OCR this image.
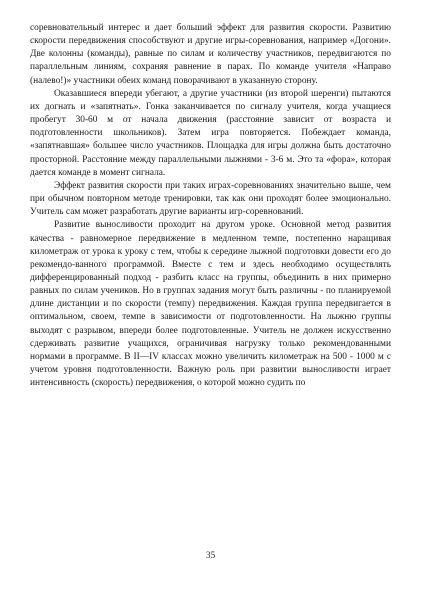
соревновательный интерес и дает больший эффект для развития скорости. Развитию скорости передвижения способствуют и другие игры-соревнования, например «Догони». Две колонны (команды), равные по силам и количеству участников, передвигаются по параллельным линиям, сохраняя равнение в парах. По команде учителя «Направо (налево!)» участники обеих команд поворачивают в указанную сторону.

Оказавшиеся впереди убегают, а другие участники (из второй шеренги) пытаются их догнать и «запятнать». Гонка заканчивается по сигналу учителя, когда учащиеся пробегут 30-60 м от начала движения (расстояние зависит от возраста и подготовленности школьников). Затем игра повторяется. Побеждает команда, «запятнавшая» большее число участников. Площадка для игры должна быть достаточно просторной. Расстояние между параллельными лыжнями - 3-6 м. Это та «фора», которая дается команде в момент сигнала.

Эффект развития скорости при таких играх-соревнованиях значительно выше, чем при обычном повторном методе тренировки, так как они проходят более эмоционально. Учитель сам может разработать другие варианты игр-соревнований.

Развитие выносливости проходит на другом уроке. Основной метод развития качества - равномерное передвижение в медленном темпе, постепенно наращивая километраж от урока к уроку с тем, чтобы к середине лыжной подготовки довести его до рекомендо-ванного программой. Вместе с тем и здесь необходимо осуществлять дифференцированный подход - разбить класс на группы, объединить в них примерно равных по силам учеников. Но в группах задания могут быть различны - по планируемой длине дистанции и по скорости (темпу) передвижения. Каждая группа передвигается в оптимальном, своем, темпе в зависимости от подготовленности. На лыжню группы выходят с разрывом, впереди более подготовленные. Учитель не должен искусственно сдерживать развитие учащихся, ограничивая нагрузку только рекомендованными нормами в программе. В II—IV классах можно увеличить километраж на 500 - 1000 м с учетом уровня подготовленности. Важную роль при развитии выносливости играет интенсивность (скорость) передвижения, о которой можно судить по

35
